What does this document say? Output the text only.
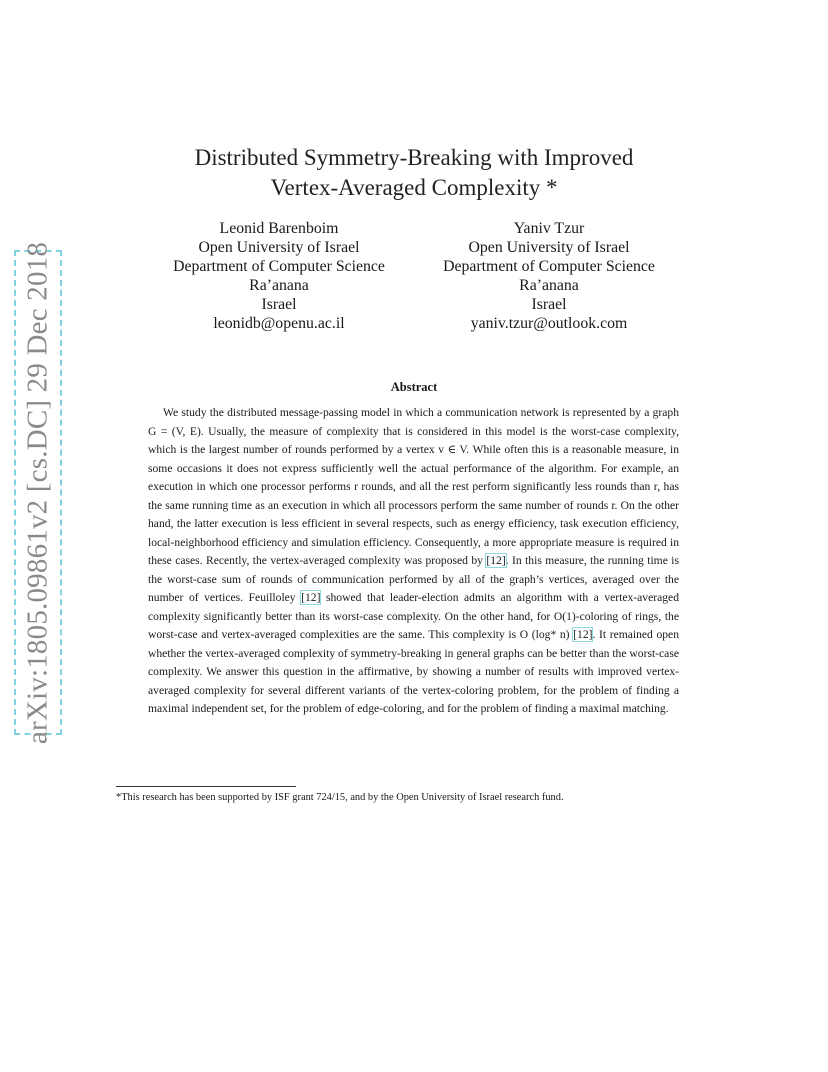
arXiv:1805.09861v2 [cs.DC] 29 Dec 2018
Distributed Symmetry-Breaking with Improved
Vertex-Averaged Complexity *
Leonid Barenboim
Open University of Israel
Department of Computer Science
Ra’anana
Israel
leonidb@openu.ac.il
Yaniv Tzur
Open University of Israel
Department of Computer Science
Ra’anana
Israel
yaniv.tzur@outlook.com
Abstract

We study the distributed message-passing model in which a communication network is represented by a graph G = (V, E). Usually, the measure of complexity that is considered in this model is the worst-case complexity, which is the largest number of rounds performed by a vertex v ∈ V. While often this is a reasonable measure, in some occasions it does not express sufficiently well the actual performance of the algorithm. For example, an execution in which one processor performs r rounds, and all the rest perform significantly less rounds than r, has the same running time as an execution in which all processors perform the same number of rounds r. On the other hand, the latter execution is less efficient in several respects, such as energy efficiency, task execution efficiency, local-neighborhood efficiency and simulation efficiency. Consequently, a more appropriate measure is required in these cases. Recently, the vertex-averaged complexity was proposed by [12]. In this measure, the running time is the worst-case sum of rounds of communication performed by all of the graph’s vertices, averaged over the number of vertices. Feuilloley [12] showed that leader-election admits an algorithm with a vertex-averaged complexity significantly better than its worst-case complexity. On the other hand, for O(1)-coloring of rings, the worst-case and vertex-averaged complexities are the same. This complexity is O (log* n) [12]. It remained open whether the vertex-averaged complexity of symmetry-breaking in general graphs can be better than the worst-case complexity. We answer this question in the affirmative, by showing a number of results with improved vertex-averaged complexity for several different variants of the vertex-coloring problem, for the problem of finding a maximal independent set, for the problem of edge-coloring, and for the problem of finding a maximal matching.

*This research has been supported by ISF grant 724/15, and by the Open University of Israel research fund.
